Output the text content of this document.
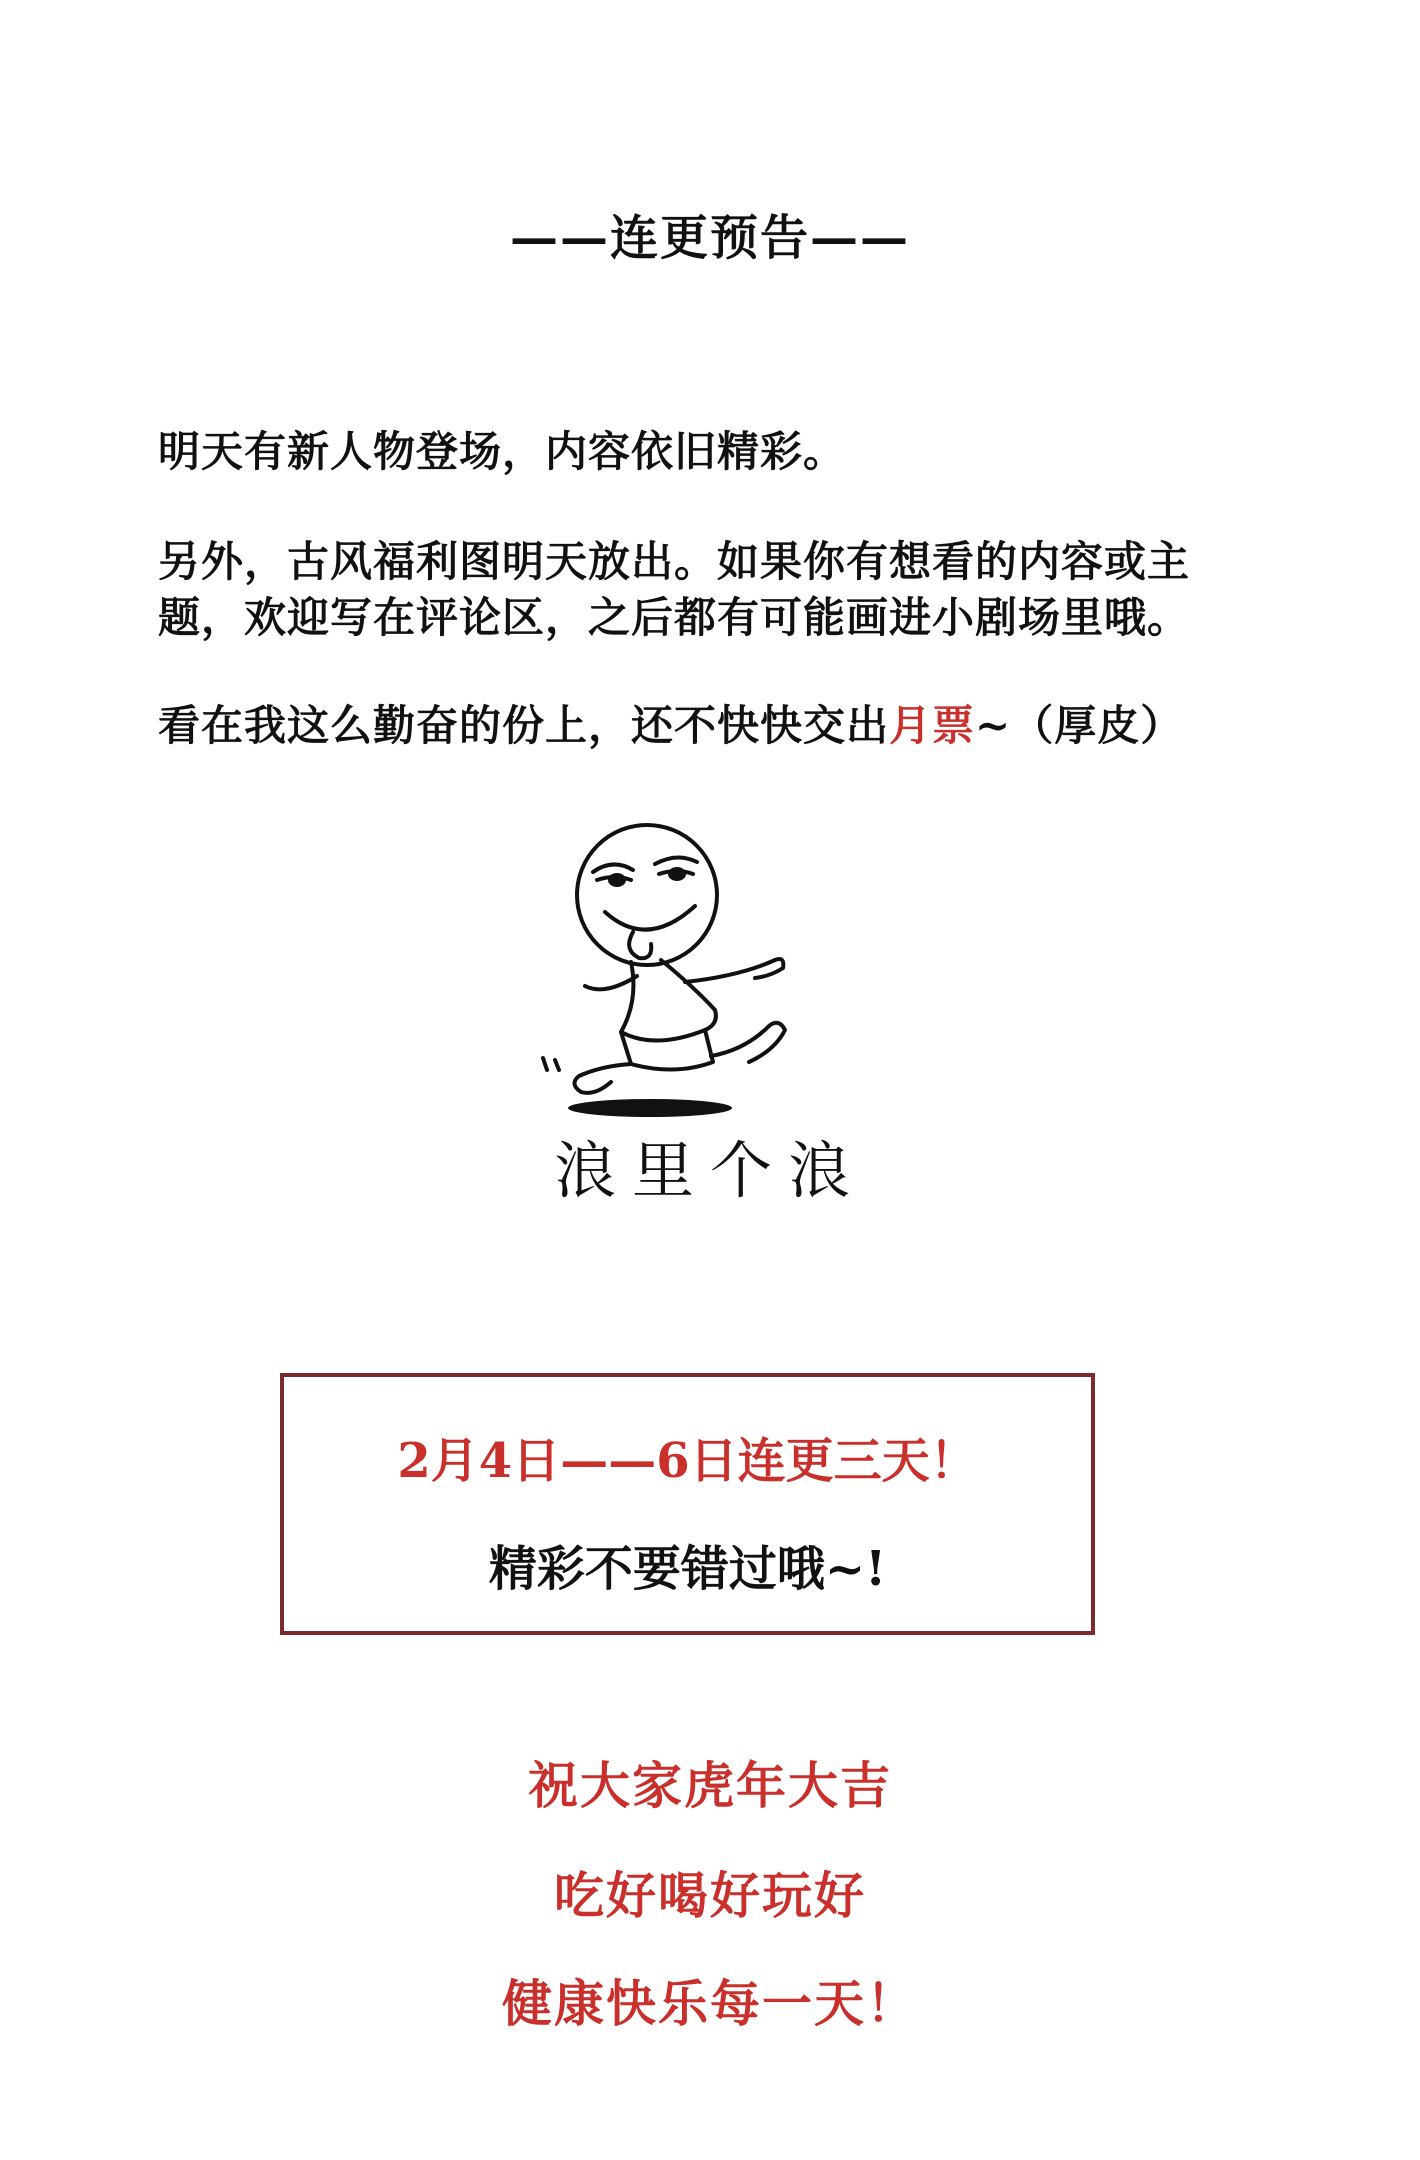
——连更预告——

明天有新人物登场，内容依旧精彩。

另外，古风福利图明天放出。如果你有想看的内容或主题，欢迎写在评论区，之后都有可能画进小剧场里哦。

看在我这么勤奋的份上，还不快快交出月票~（厚皮）

浪里个浪
2月4日——6日连更三天！
精彩不要错过哦~!
祝大家虎年大吉
吃好喝好玩好
健康快乐每一天！
